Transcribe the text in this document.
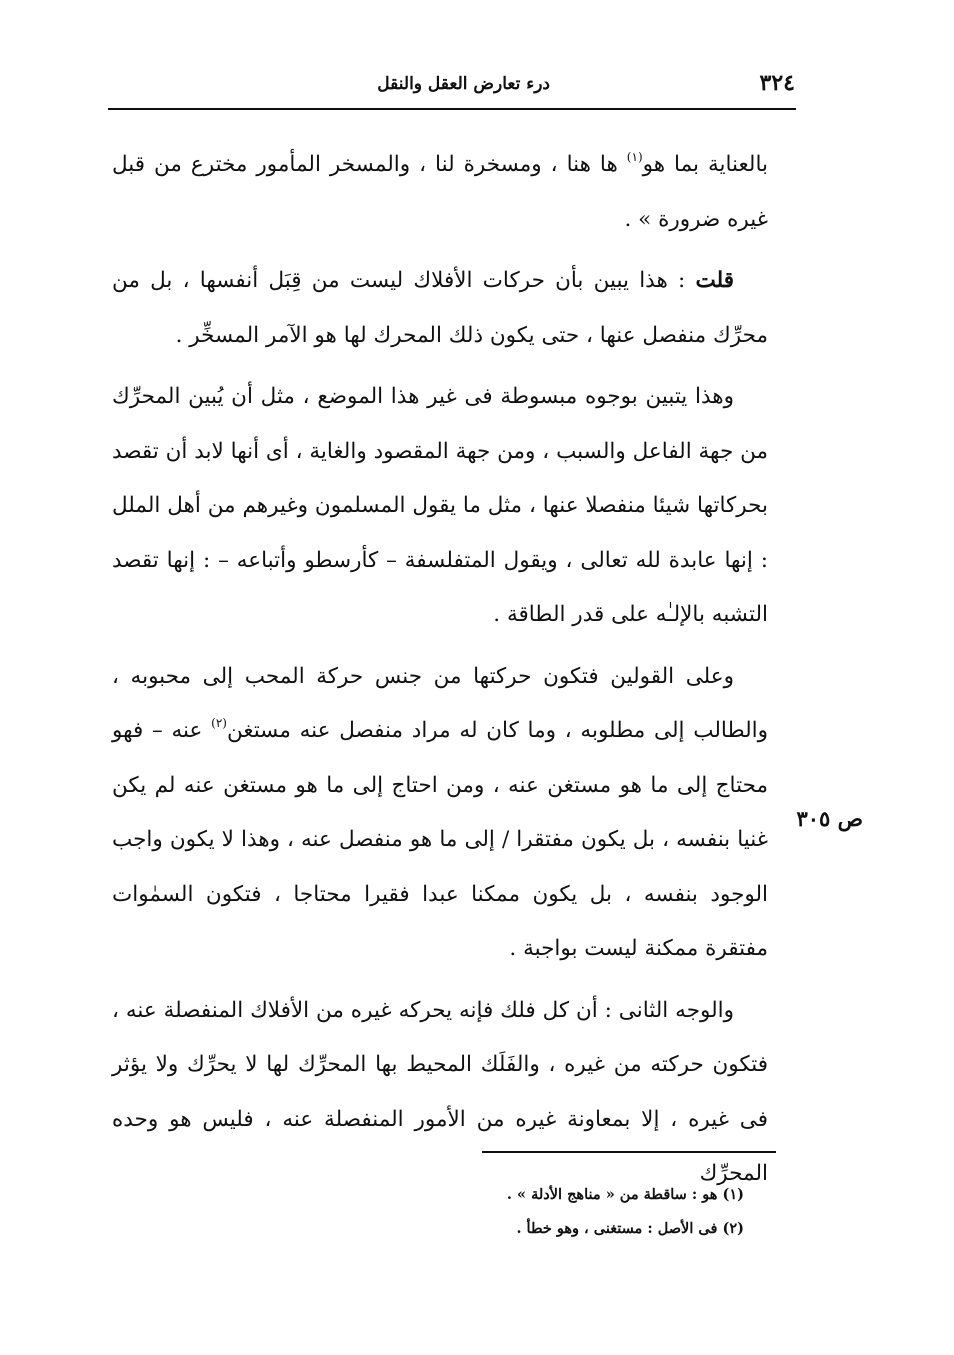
٣٢٤
درء تعارض العقل والنقل

بالعناية بما هو$^{(١)}$ ها هنا ، ومسخرة لنا ، والمسخر المأمور مخترع من قبل غيره ضرورة » .

قلت : هذا يبين بأن حركات الأفلاك ليست من قِبَل أنفسها ، بل من محرِّك منفصل عنها ، حتى يكون ذلك المحرك لها هو الآمر المسخِّر .

وهذا يتبين بوجوه مبسوطة فى غير هذا الموضع ، مثل أن يُبين المحرِّك من جهة الفاعل والسبب ، ومن جهة المقصود والغاية ، أى أنها لابد أن تقصد بحركاتها شيئا منفصلا عنها ، مثل ما يقول المسلمون وغيرهم من أهل الملل : إنها عابدة لله تعالى ، ويقول المتفلسفة – كأرسطو وأتباعه – : إنها تقصد التشبه بالإلـٰه على قدر الطاقة .

وعلى القولين فتكون حركتها من جنس حركة المحب إلى محبوبه ، والطالب إلى مطلوبه ، وما كان له مراد منفصل عنه مستغن$^{(٢)}$ عنه – فهو محتاج إلى ما هو مستغن عنه ، ومن احتاج إلى ما هو مستغن عنه لم يكن غنيا بنفسه ، بل يكون مفتقرا / إلى ما هو منفصل عنه ، وهذا لا يكون واجب الوجود بنفسه ، بل يكون ممكنا عبدا فقيرا محتاجا ، فتكون السمٰوات مفتقرة ممكنة ليست بواجبة .

والوجه الثانى : أن كل فلك فإنه يحركه غيره من الأفلاك المنفصلة عنه ، فتكون حركته من غيره ، والفَلَك المحيط بها المحرِّك لها لا يحرِّك ولا يؤثر فى غيره ، إلا بمعاونة غيره من الأمور المنفصلة عنه ، فليس هو وحده المحرِّك

ص ٣٠٥

(١) هو : ساقطة من « مناهج الأدلة » .

(٢) فى الأصل : مستغنى ، وهو خطأ .
